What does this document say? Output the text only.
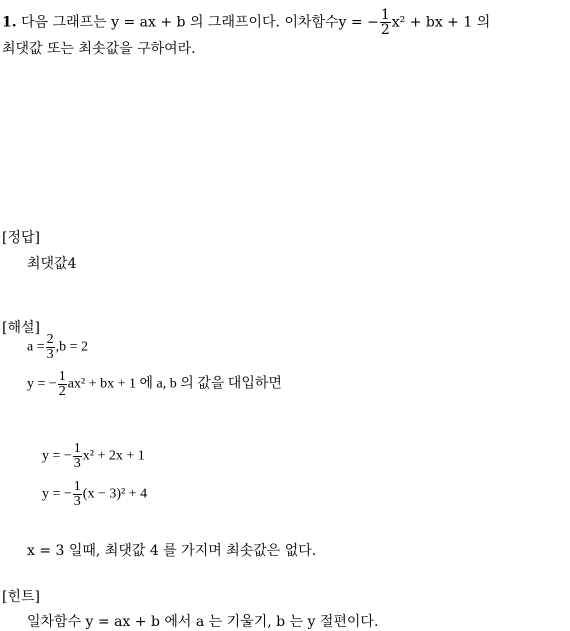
1. 다음 그래프는 y = ax + b 의 그래프이다. 이차함수y = − $\frac{1}{2} x^2$ + bx + 1 의
최댓값 또는 최솟값을 구하여라.
[정답]
최댓값4
[해설]
$a = \frac{2}{3} ,b = 2$
y = − $\frac{1}{2} ax^2$ + bx + 1 에 a, b 의 값을 대입하면
y = − $\frac{1}{3} x^2 + 2x + 1$
y = − $\frac{1}{3} (x - 3)^2 + 4$
x = 3 일때, 최댓값 4 를 가지며 최솟값은 없다.
[힌트]
일차함수 y = ax + b 에서 a 는 기울기, b 는 y 절편이다.
